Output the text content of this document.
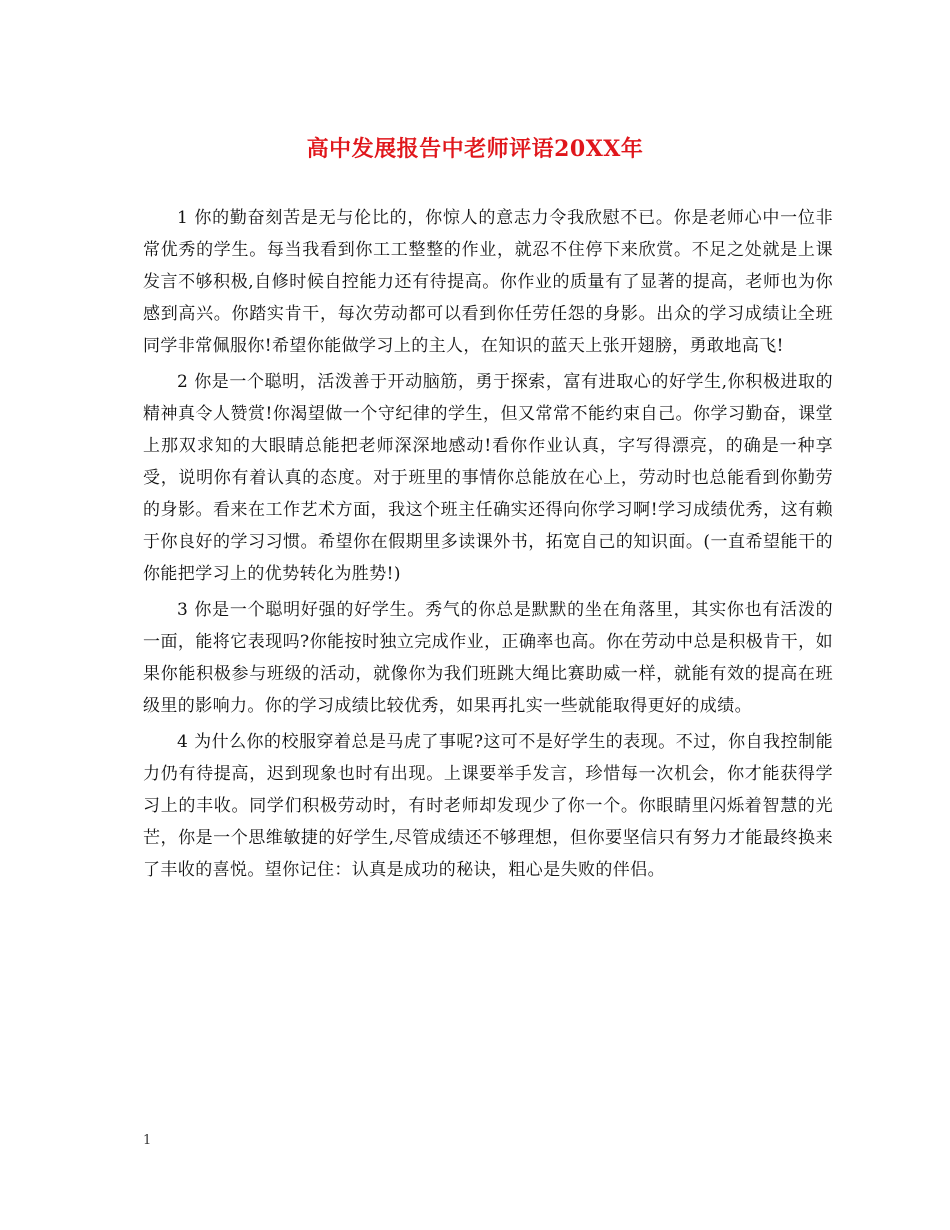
高中发展报告中老师评语20XX年

1 你的勤奋刻苦是无与伦比的，你惊人的意志力令我欣慰不已。你是老师心中一位非常优秀的学生。每当我看到你工工整整的作业，就忍不住停下来欣赏。不足之处就是上课发言不够积极,自修时候自控能力还有待提高。你作业的质量有了显著的提高，老师也为你感到高兴。你踏实肯干，每次劳动都可以看到你任劳任怨的身影。出众的学习成绩让全班同学非常佩服你!希望你能做学习上的主人，在知识的蓝天上张开翅膀，勇敢地高飞!

2 你是一个聪明，活泼善于开动脑筋，勇于探索，富有进取心的好学生,你积极进取的精神真令人赞赏!你渴望做一个守纪律的学生，但又常常不能约束自己。你学习勤奋，课堂上那双求知的大眼睛总能把老师深深地感动!看你作业认真，字写得漂亮，的确是一种享受，说明你有着认真的态度。对于班里的事情你总能放在心上，劳动时也总能看到你勤劳的身影。看来在工作艺术方面，我这个班主任确实还得向你学习啊!学习成绩优秀，这有赖于你良好的学习习惯。希望你在假期里多读课外书，拓宽自己的知识面。(一直希望能干的你能把学习上的优势转化为胜势!)

3 你是一个聪明好强的好学生。秀气的你总是默默的坐在角落里，其实你也有活泼的一面，能将它表现吗?你能按时独立完成作业，正确率也高。你在劳动中总是积极肯干，如果你能积极参与班级的活动，就像你为我们班跳大绳比赛助威一样，就能有效的提高在班级里的影响力。你的学习成绩比较优秀，如果再扎实一些就能取得更好的成绩。

4 为什么你的校服穿着总是马虎了事呢?这可不是好学生的表现。不过，你自我控制能力仍有待提高，迟到现象也时有出现。上课要举手发言，珍惜每一次机会，你才能获得学习上的丰收。同学们积极劳动时，有时老师却发现少了你一个。你眼睛里闪烁着智慧的光芒，你是一个思维敏捷的好学生,尽管成绩还不够理想，但你要坚信只有努力才能最终换来了丰收的喜悦。望你记住：认真是成功的秘诀，粗心是失败的伴侣。

1
